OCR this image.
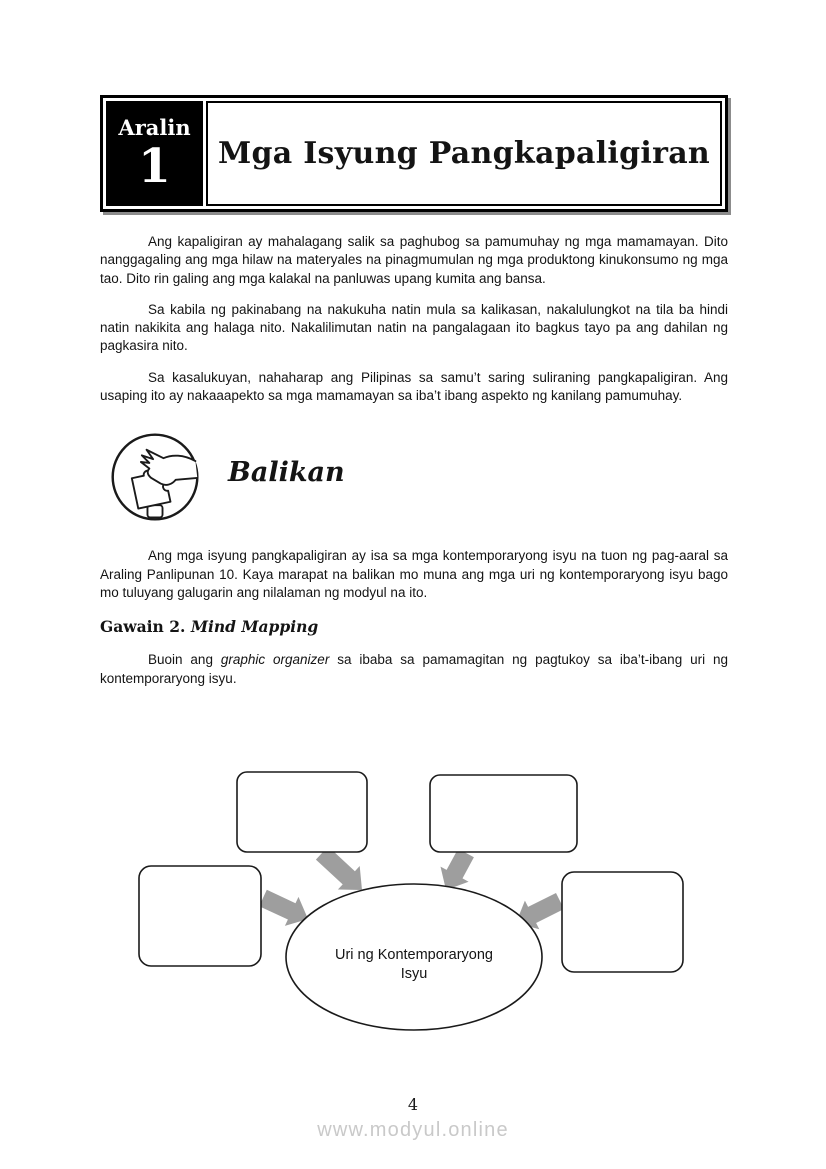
Aralin
1 Mga Isyung Pangkapaligiran

Ang kapaligiran ay mahalagang salik sa paghubog sa pamumuhay ng mga mamamayan. Dito nanggagaling ang mga hilaw na materyales na pinagmumulan ng mga produktong kinukonsumo ng mga tao. Dito rin galing ang mga kalakal na panluwas upang kumita ang bansa.

Sa kabila ng pakinabang na nakukuha natin mula sa kalikasan, nakalulungkot na tila ba hindi natin nakikita ang halaga nito. Nakalilimutan natin na pangalagaan ito bagkus tayo pa ang dahilan ng pagkasira nito.

Sa kasalukuyan, nahaharap ang Pilipinas sa samu’t saring suliraning pangkapaligiran. Ang usaping ito ay nakaaapekto sa mga mamamayan sa iba’t ibang aspekto ng kanilang pamumuhay.

Balikan

Ang mga isyung pangkapaligiran ay isa sa mga kontemporaryong isyu na tuon ng pag-aaral sa Araling Panlipunan 10. Kaya marapat na balikan mo muna ang mga uri ng kontemporaryong isyu bago mo tuluyang galugarin ang nilalaman ng modyul na ito.

Gawain 2. Mind Mapping

Buoin ang graphic organizer sa ibaba sa pamamagitan ng pagtukoy sa iba’t-ibang uri ng kontemporaryong isyu.

Uri ng Kontemporaryong
Isyu
4
www.modyul.online
